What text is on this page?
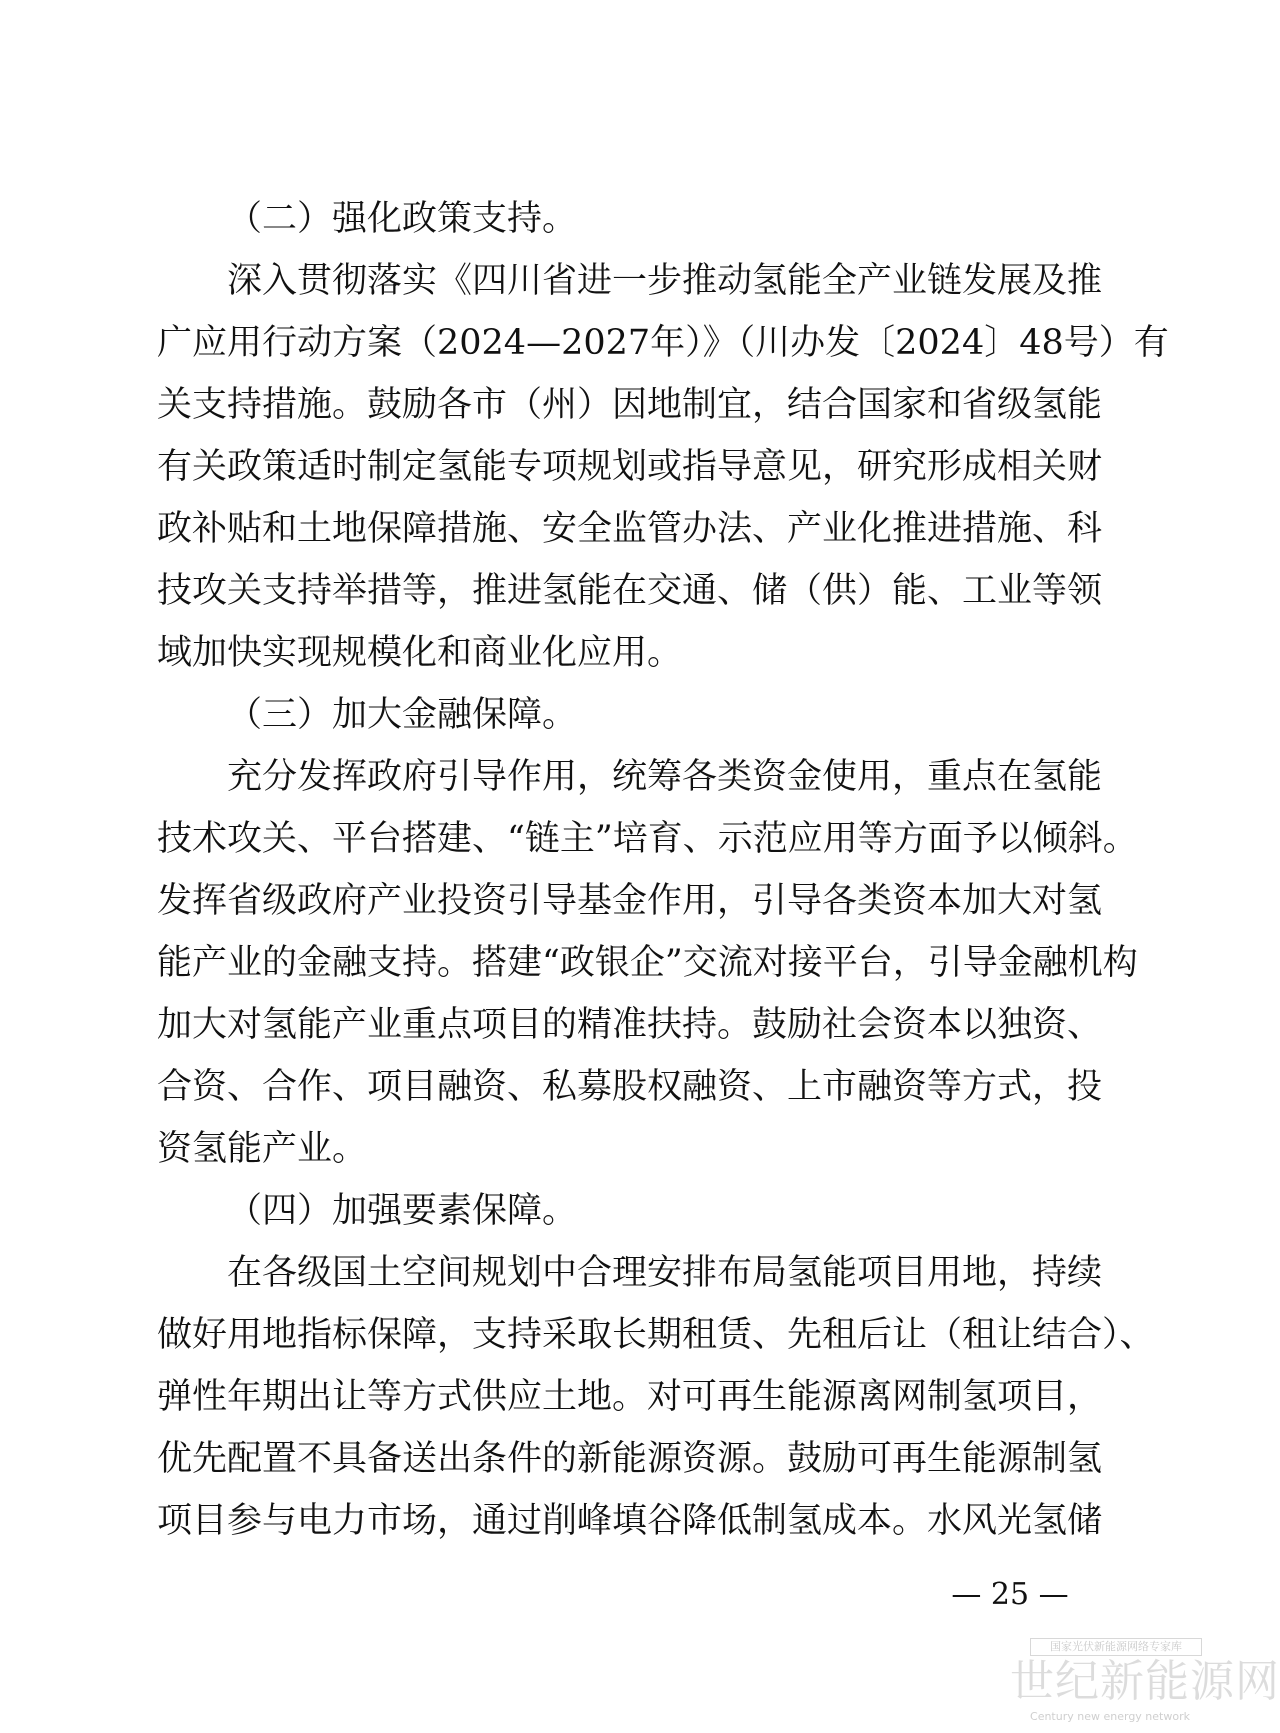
（二）强化政策支持。
深入贯彻落实《四川省进一步推动氢能全产业链发展及推
广应用行动方案（2024—2027年）》（川办发〔2024〕48号）有
关支持措施。鼓励各市（州）因地制宜，结合国家和省级氢能
有关政策适时制定氢能专项规划或指导意见，研究形成相关财
政补贴和土地保障措施、安全监管办法、产业化推进措施、科
技攻关支持举措等，推进氢能在交通、储（供）能、工业等领
域加快实现规模化和商业化应用。
（三）加大金融保障。
充分发挥政府引导作用，统筹各类资金使用，重点在氢能
技术攻关、平台搭建、“链主”培育、示范应用等方面予以倾斜。
发挥省级政府产业投资引导基金作用，引导各类资本加大对氢
能产业的金融支持。搭建“政银企”交流对接平台，引导金融机构
加大对氢能产业重点项目的精准扶持。鼓励社会资本以独资、
合资、合作、项目融资、私募股权融资、上市融资等方式，投
资氢能产业。
（四）加强要素保障。
在各级国土空间规划中合理安排布局氢能项目用地，持续
做好用地指标保障，支持采取长期租赁、先租后让（租让结合）、
弹性年期出让等方式供应土地。对可再生能源离网制氢项目，
优先配置不具备送出条件的新能源资源。鼓励可再生能源制氢
项目参与电力市场，通过削峰填谷降低制氢成本。水风光氢储
— 25 —
国家光伏新能源网络专家库
世纪新能源网
Century new energy network
